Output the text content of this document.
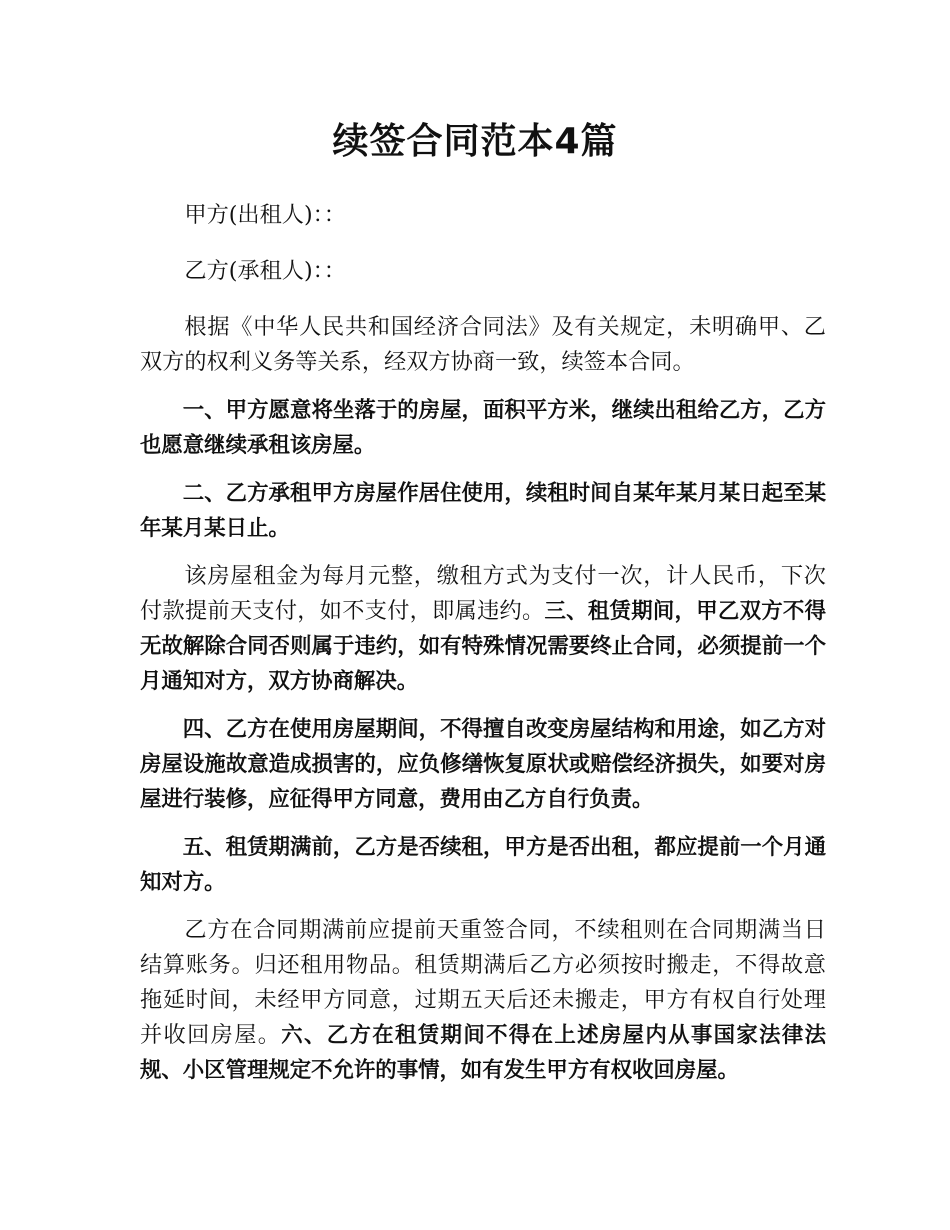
续签合同范本4篇

甲方(出租人)：：

乙方(承租人)：：

根据《中华人民共和国经济合同法》及有关规定，未明确甲、乙双方的权利义务等关系，经双方协商一致，续签本合同。

一、甲方愿意将坐落于的房屋，面积平方米，继续出租给乙方，乙方也愿意继续承租该房屋。

二、乙方承租甲方房屋作居住使用，续租时间自某年某月某日起至某年某月某日止。

该房屋租金为每月元整，缴租方式为支付一次，计人民币，下次付款提前天支付，如不支付，即属违约。三、租赁期间，甲乙双方不得无故解除合同否则属于违约，如有特殊情况需要终止合同，必须提前一个月通知对方，双方协商解决。

四、乙方在使用房屋期间，不得擅自改变房屋结构和用途，如乙方对房屋设施故意造成损害的，应负修缮恢复原状或赔偿经济损失，如要对房屋进行装修，应征得甲方同意，费用由乙方自行负责。

五、租赁期满前，乙方是否续租，甲方是否出租，都应提前一个月通知对方。

乙方在合同期满前应提前天重签合同，不续租则在合同期满当日结算账务。归还租用物品。租赁期满后乙方必须按时搬走，不得故意拖延时间，未经甲方同意，过期五天后还未搬走，甲方有权自行处理并收回房屋。六、乙方在租赁期间不得在上述房屋内从事国家法律法规、小区管理规定不允许的事情，如有发生甲方有权收回房屋。
